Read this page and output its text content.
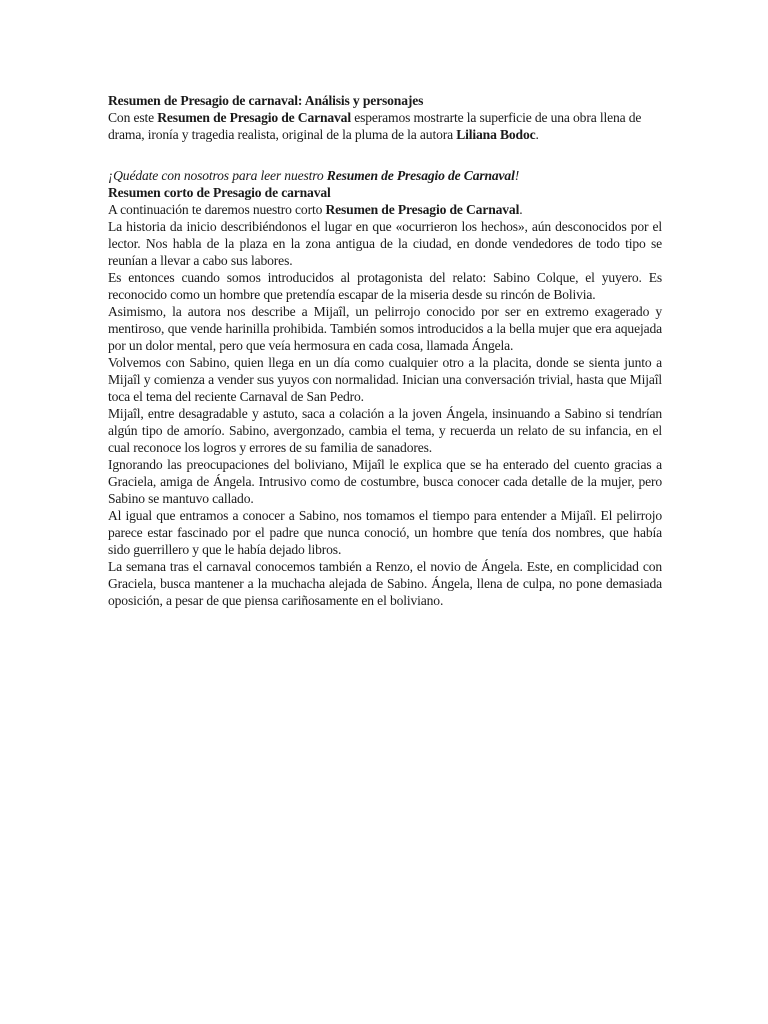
Resumen de Presagio de carnaval: Análisis y personajes

Con este Resumen de Presagio de Carnaval esperamos mostrarte la superficie de una obra llena de drama, ironía y tragedia realista, original de la pluma de la autora Liliana Bodoc.

¡Quédate con nosotros para leer nuestro Resumen de Presagio de Carnaval!

Resumen corto de Presagio de carnaval

A continuación te daremos nuestro corto Resumen de Presagio de Carnaval.

La historia da inicio describiéndonos el lugar en que «ocurrieron los hechos», aún desconocidos por el lector. Nos habla de la plaza en la zona antigua de la ciudad, en donde vendedores de todo tipo se reunían a llevar a cabo sus labores.

Es entonces cuando somos introducidos al protagonista del relato: Sabino Colque, el yuyero. Es reconocido como un hombre que pretendía escapar de la miseria desde su rincón de Bolivia.

Asimismo, la autora nos describe a Mijaîl, un pelirrojo conocido por ser en extremo exagerado y mentiroso, que vende harinilla prohibida. También somos introducidos a la bella mujer que era aquejada por un dolor mental, pero que veía hermosura en cada cosa, llamada Ángela.

Volvemos con Sabino, quien llega en un día como cualquier otro a la placita, donde se sienta junto a Mijaîl y comienza a vender sus yuyos con normalidad. Inician una conversación trivial, hasta que Mijaîl toca el tema del reciente Carnaval de San Pedro.

Mijaîl, entre desagradable y astuto, saca a colación a la joven Ángela, insinuando a Sabino si tendrían algún tipo de amorío. Sabino, avergonzado, cambia el tema, y recuerda un relato de su infancia, en el cual reconoce los logros y errores de su familia de sanadores.

Ignorando las preocupaciones del boliviano, Mijaîl le explica que se ha enterado del cuento gracias a Graciela, amiga de Ángela. Intrusivo como de costumbre, busca conocer cada detalle de la mujer, pero Sabino se mantuvo callado.

Al igual que entramos a conocer a Sabino, nos tomamos el tiempo para entender a Mijaîl. El pelirrojo parece estar fascinado por el padre que nunca conoció, un hombre que tenía dos nombres, que había sido guerrillero y que le había dejado libros.

La semana tras el carnaval conocemos también a Renzo, el novio de Ángela. Este, en complicidad con Graciela, busca mantener a la muchacha alejada de Sabino. Ángela, llena de culpa, no pone demasiada oposición, a pesar de que piensa cariñosamente en el boliviano.
